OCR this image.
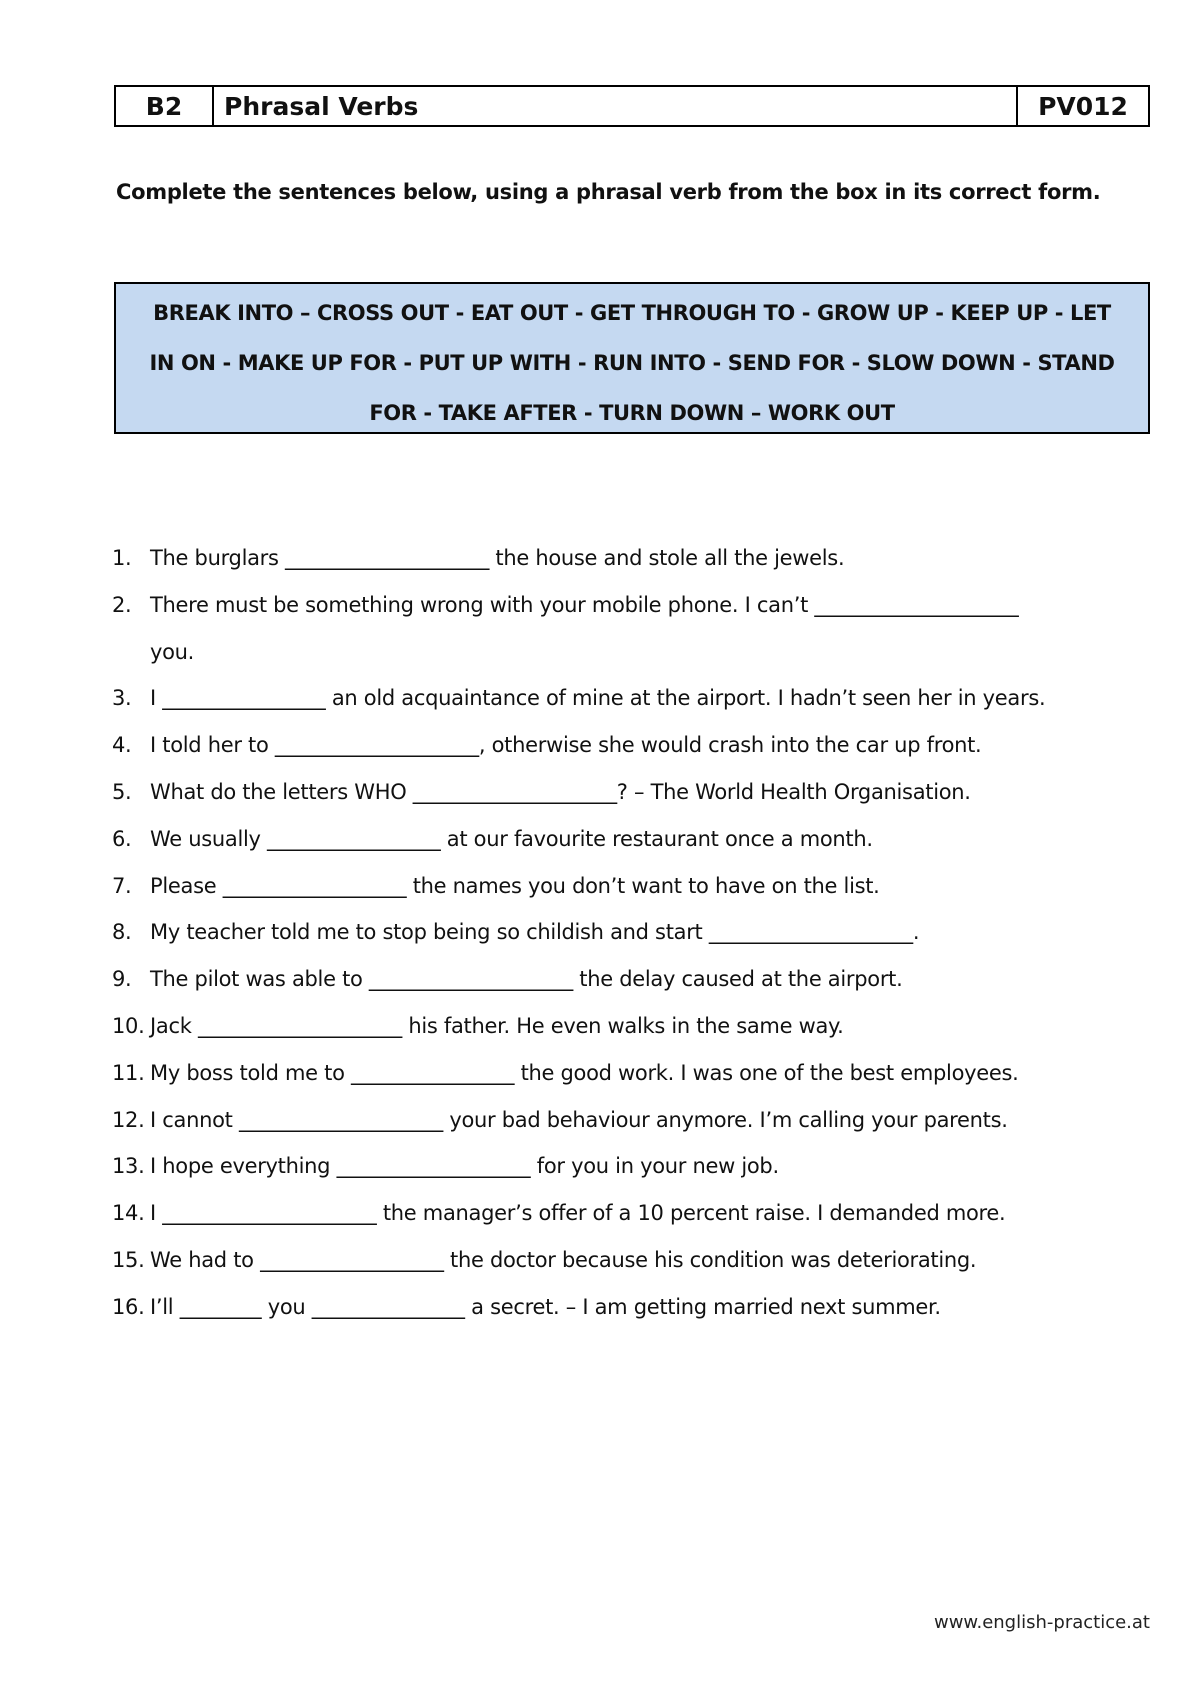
B2	Phrasal Verbs	PV012
Complete the sentences below, using a phrasal verb from the box in its correct form.
BREAK INTO – CROSS OUT - EAT OUT - GET THROUGH TO - GROW UP - KEEP UP - LET
IN ON - MAKE UP FOR - PUT UP WITH - RUN INTO - SEND FOR - SLOW DOWN - STAND
FOR - TAKE AFTER - TURN DOWN – WORK OUT
1. The burglars ____________________ the house and stole all the jewels.
2. There must be something wrong with your mobile phone. I can’t ____________________
you.
3. I ________________ an old acquaintance of mine at the airport. I hadn’t seen her in years.
4. I told her to ____________________, otherwise she would crash into the car up front.
5. What do the letters WHO ____________________? – The World Health Organisation.
6. We usually _________________ at our favourite restaurant once a month.
7. Please __________________ the names you don’t want to have on the list.
8. My teacher told me to stop being so childish and start ____________________.
9. The pilot was able to ____________________ the delay caused at the airport.
10. Jack ____________________ his father. He even walks in the same way.
11. My boss told me to ________________ the good work. I was one of the best employees.
12. I cannot ____________________ your bad behaviour anymore. I’m calling your parents.
13. I hope everything ___________________ for you in your new job.
14. I _____________________ the manager’s offer of a 10 percent raise. I demanded more.
15. We had to __________________ the doctor because his condition was deteriorating.
16. I’ll ________ you _______________ a secret. – I am getting married next summer.
www.english-practice.at
